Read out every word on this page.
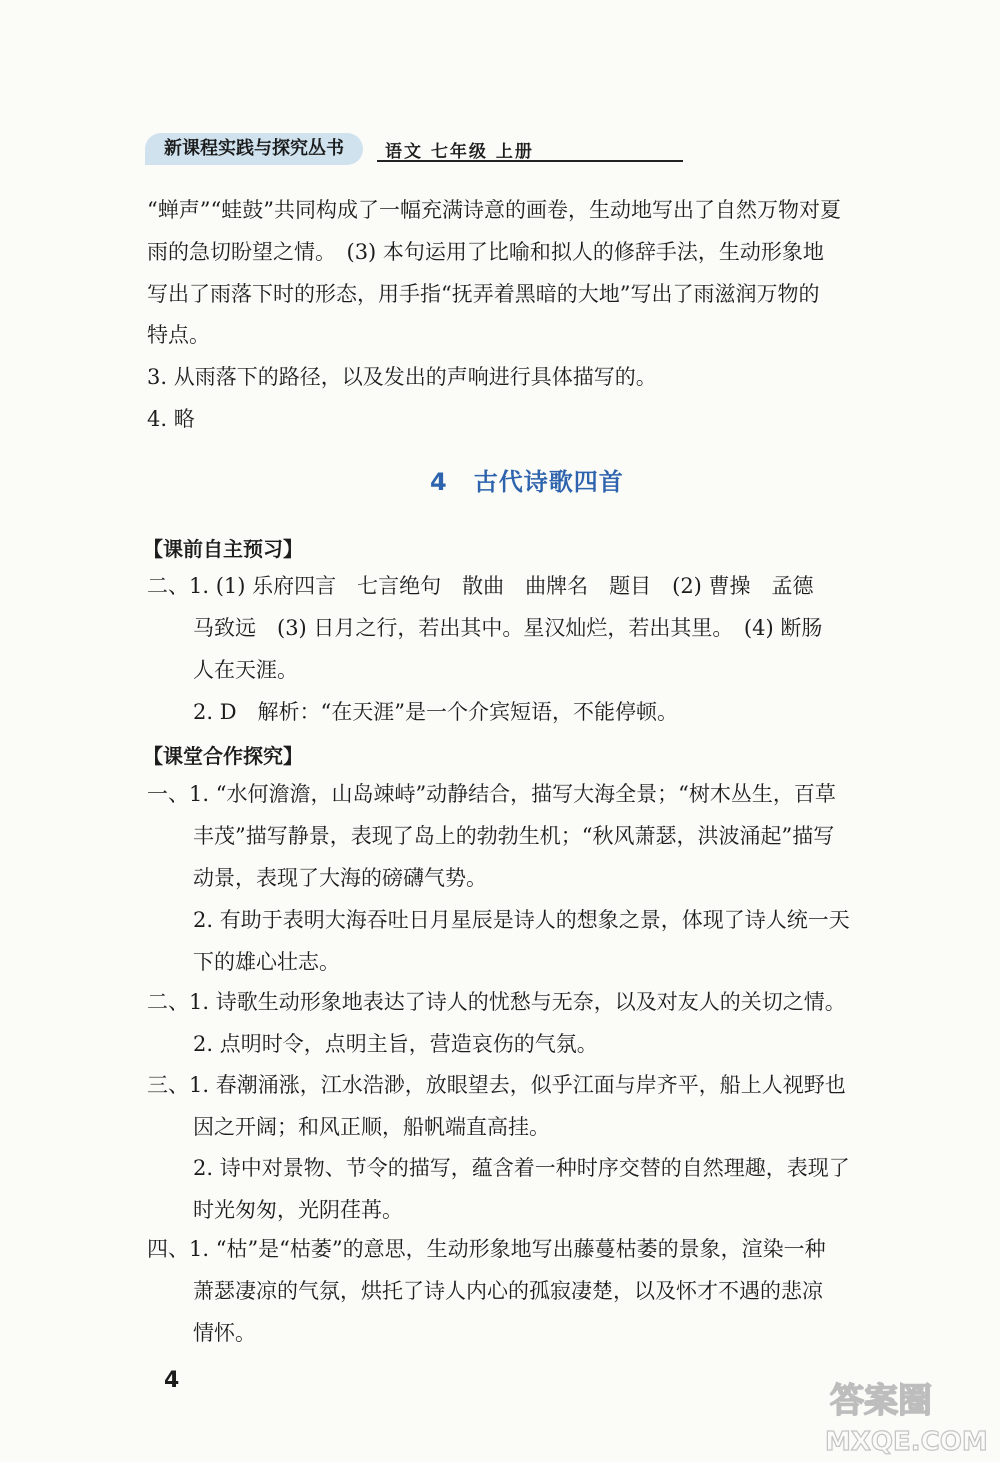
新课程实践与探究丛书	语文 七年级 上册
“蝉声”“蛙鼓”共同构成了一幅充满诗意的画卷，生动地写出了自然万物对夏
雨的急切盼望之情。　(3) 本句运用了比喻和拟人的修辞手法，生动形象地
写出了雨落下时的形态，用手指“抚弄着黑暗的大地”写出了雨滋润万物的
特点。
3. 从雨落下的路径，以及发出的声响进行具体描写的。
4. 略
4 古代诗歌四首
【课前自主预习】
二、1. (1) 乐府四言　七言绝句　散曲　曲牌名　题目　(2) 曹操　孟德
马致远　(3) 日月之行，若出其中。星汉灿烂，若出其里。　(4) 断肠
人在天涯。
2. D　解析：“在天涯”是一个介宾短语，不能停顿。
【课堂合作探究】
一、1. “水何澹澹，山岛竦峙”动静结合，描写大海全景；“树木丛生，百草
丰茂”描写静景，表现了岛上的勃勃生机；“秋风萧瑟，洪波涌起”描写
动景，表现了大海的磅礴气势。
2. 有助于表明大海吞吐日月星辰是诗人的想象之景，体现了诗人统一天
下的雄心壮志。
二、1. 诗歌生动形象地表达了诗人的忧愁与无奈，以及对友人的关切之情。
2. 点明时令，点明主旨，营造哀伤的气氛。
三、1. 春潮涌涨，江水浩渺，放眼望去，似乎江面与岸齐平，船上人视野也
因之开阔；和风正顺，船帆端直高挂。
2. 诗中对景物、节令的描写，蕴含着一种时序交替的自然理趣，表现了
时光匆匆，光阴荏苒。
四、1. “枯”是“枯萎”的意思，生动形象地写出藤蔓枯萎的景象，渲染一种
萧瑟凄凉的气氛，烘托了诗人内心的孤寂凄楚，以及怀才不遇的悲凉
情怀。
4
答案圈
MXQE.COM
